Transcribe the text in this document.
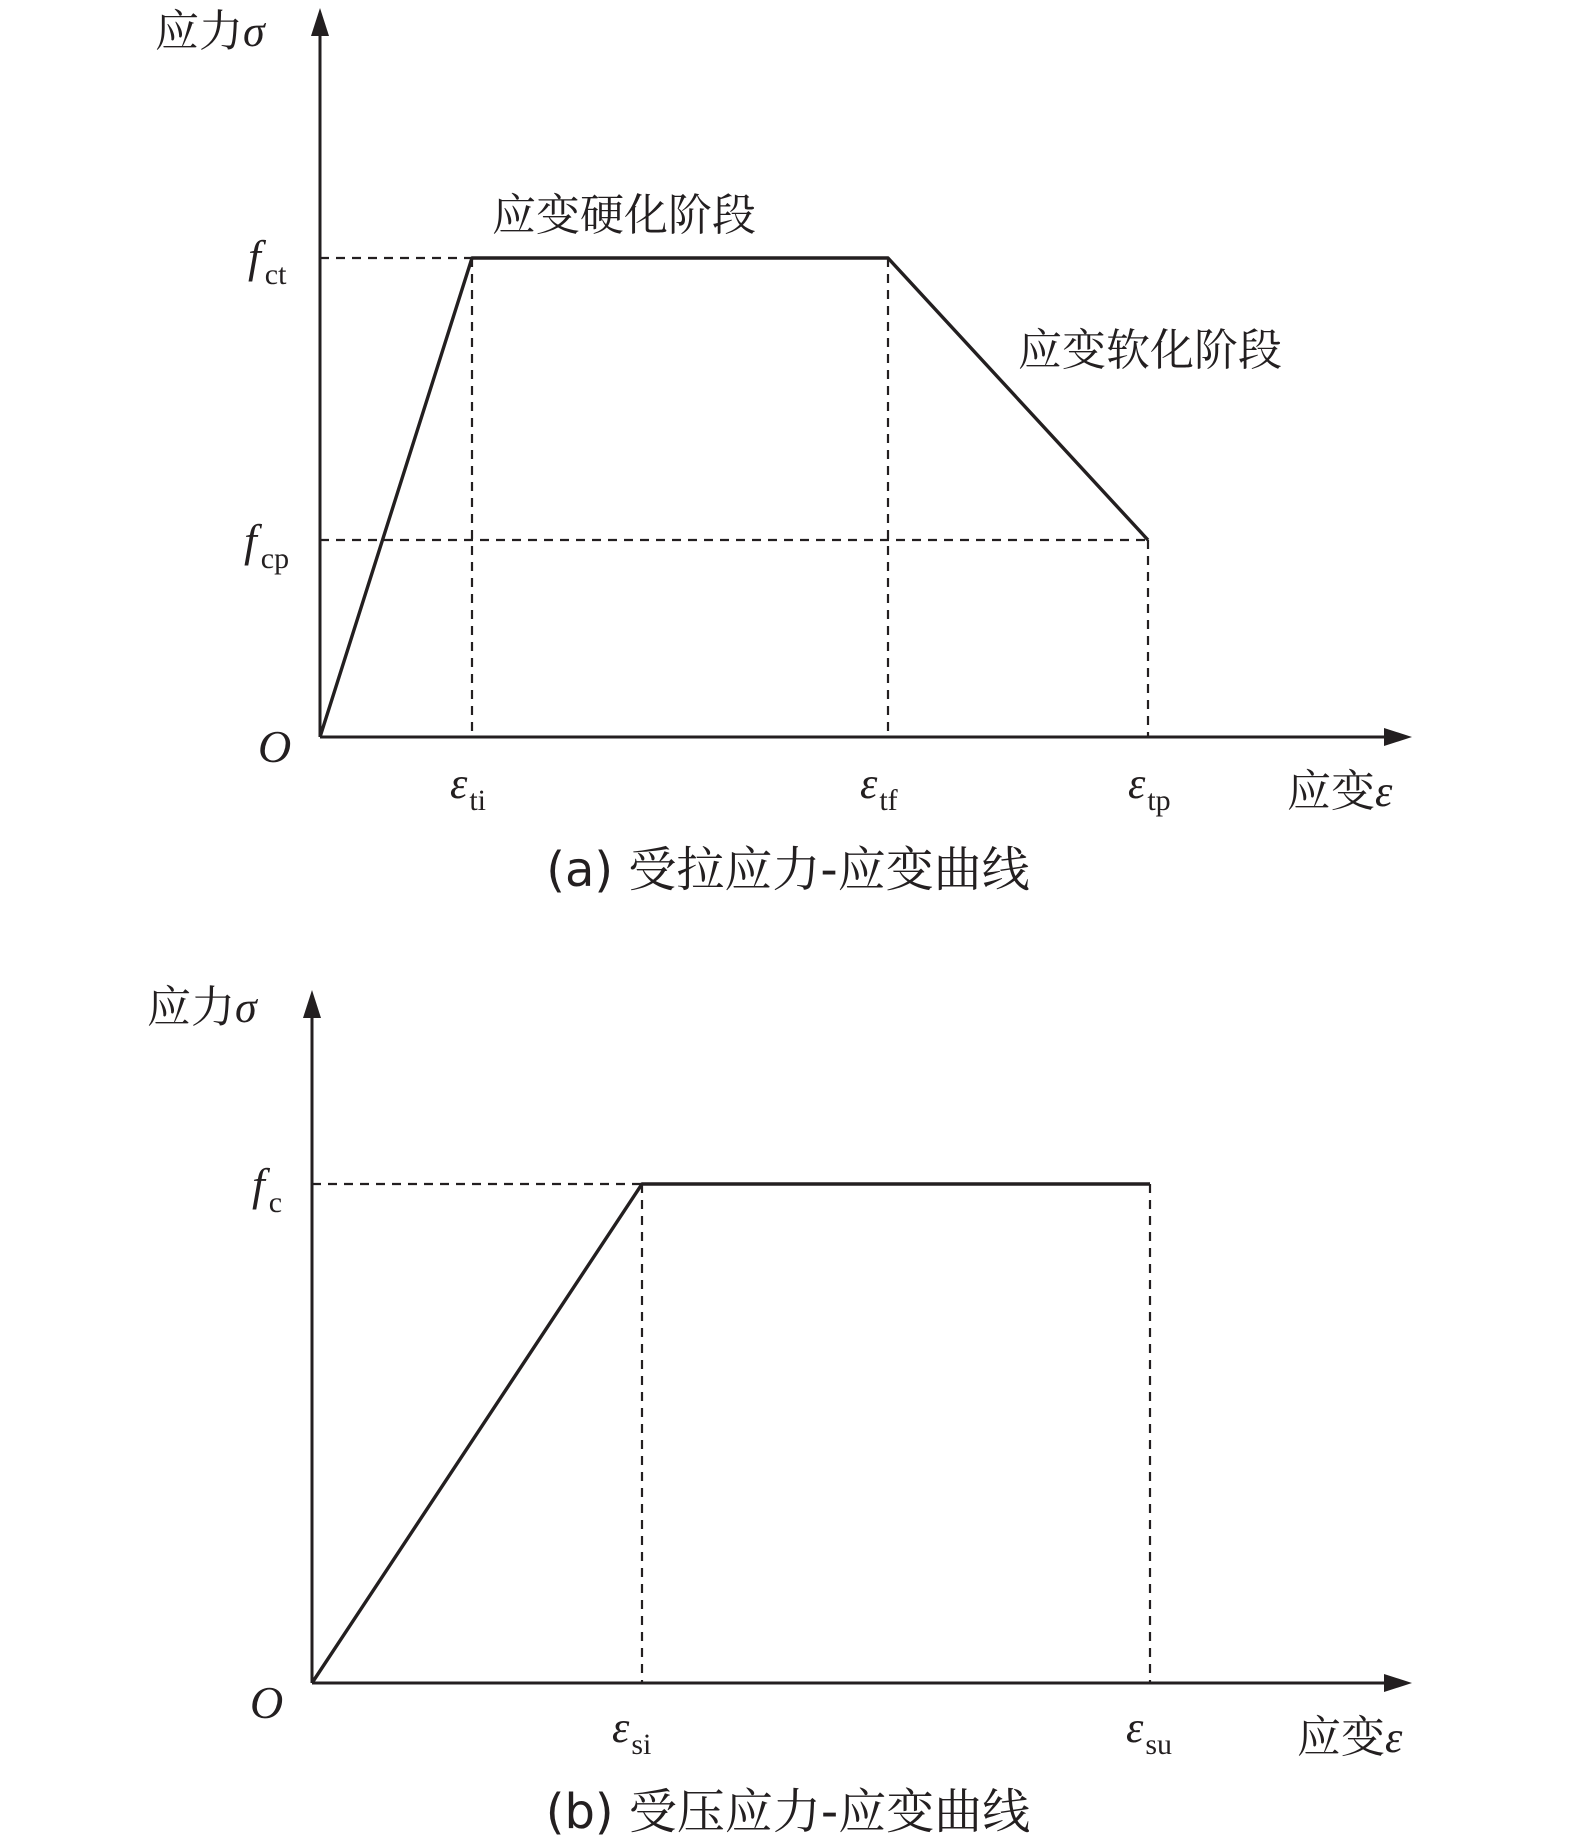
应力σ
应变ε
O
f $_{ct}$
f $_{cp}$
$\varepsilon_{ti}$	$\varepsilon_{tf}$	$\varepsilon_{tp}$
应变硬化阶段
应变软化阶段
(a) 受拉应力-应变曲线
应力σ
应变ε
O
f $_c$
$\varepsilon_{si}$	$\varepsilon_{su}$
(b) 受压应力-应变曲线
